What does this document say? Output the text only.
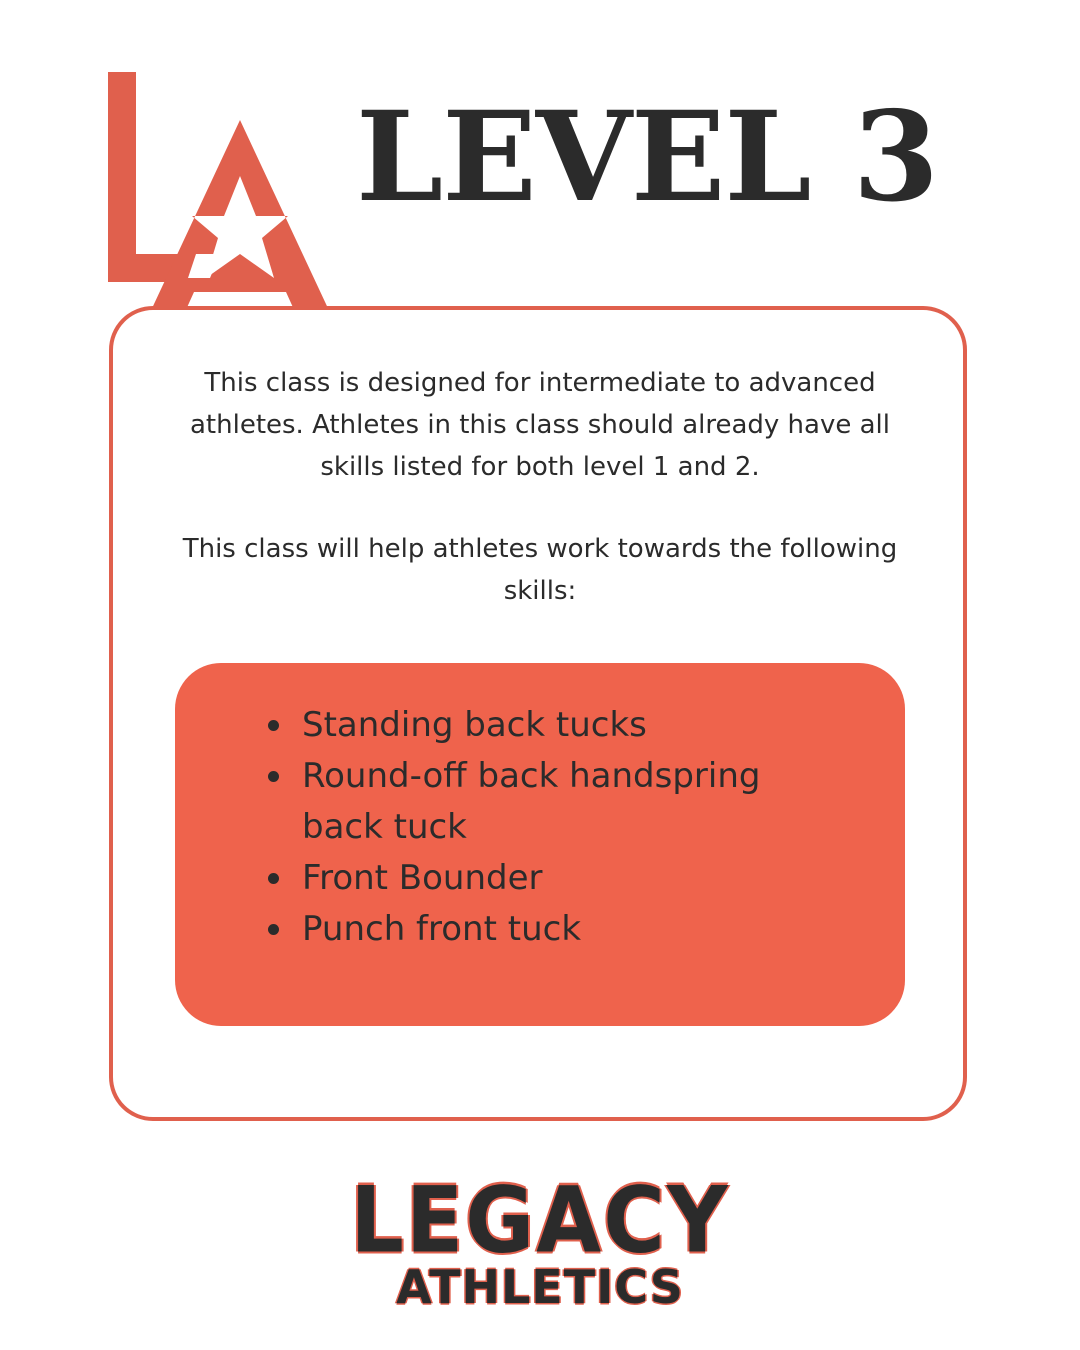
LEVEL 3

This class is designed for intermediate to advanced athletes. Athletes in this class should already have all skills listed for both level 1 and 2.

This class will help athletes work towards the following skills:

Standing back tucks
Round-off back handspring back tuck
Front Bounder
Punch front tuck
LEGACY
ATHLETICS
